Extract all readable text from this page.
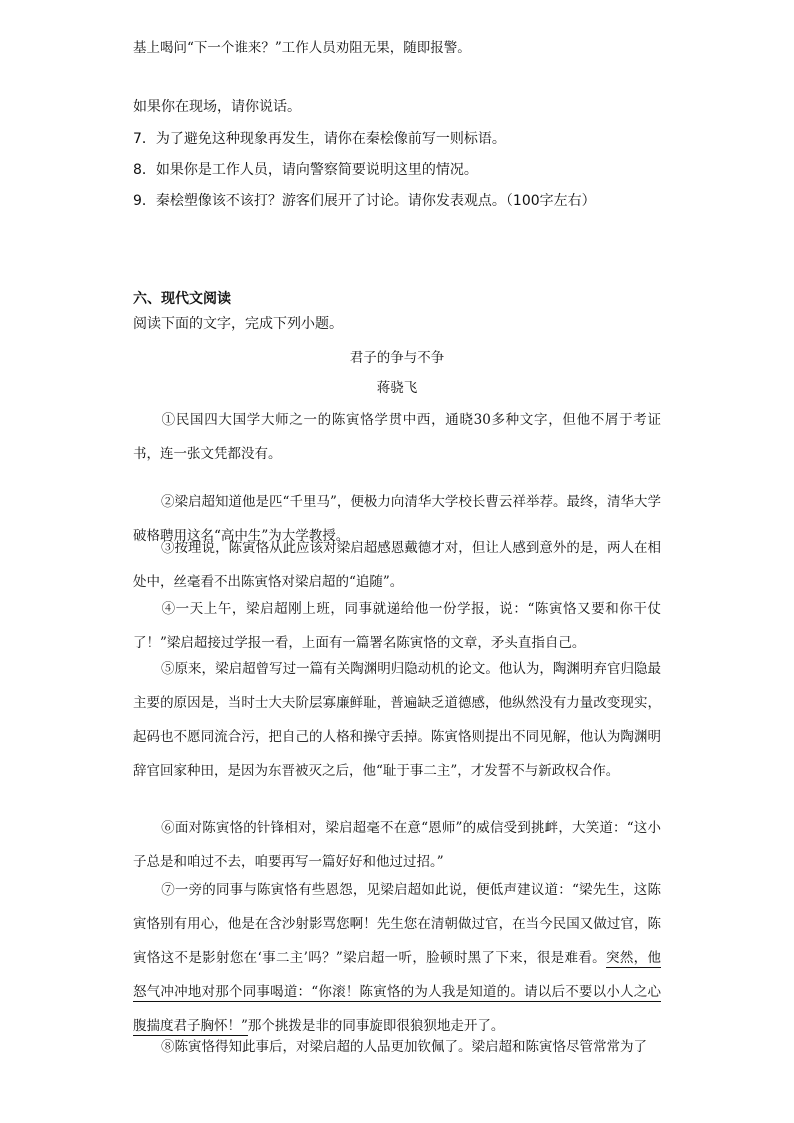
基上喝问“下一个谁来？”工作人员劝阻无果，随即报警。
如果你在现场，请你说话。
7．为了避免这种现象再发生，请你在秦桧像前写一则标语。
8．如果你是工作人员，请向警察简要说明这里的情况。
9．秦桧塑像该不该打？游客们展开了讨论。请你发表观点。（100字左右）
六、现代文阅读
阅读下面的文字，完成下列小题。
君子的争与不争
蒋骁飞
①民国四大国学大师之一的陈寅恪学贯中西，通晓30多种文字，但他不屑于考证书，连一张文凭都没有。
②梁启超知道他是匹“千里马”，便极力向清华大学校长曹云祥举荐。最终，清华大学破格聘用这名“高中生”为大学教授。
③按理说，陈寅恪从此应该对梁启超感恩戴德才对，但让人感到意外的是，两人在相处中，丝毫看不出陈寅恪对梁启超的“追随”。
④一天上午，梁启超刚上班，同事就递给他一份学报，说：“陈寅恪又要和你干仗了！”梁启超接过学报一看，上面有一篇署名陈寅恪的文章，矛头直指自己。
⑤原来，梁启超曾写过一篇有关陶渊明归隐动机的论文。他认为，陶渊明弃官归隐最主要的原因是，当时士大夫阶层寡廉鲜耻，普遍缺乏道德感，他纵然没有力量改变现实，起码也不愿同流合污，把自己的人格和操守丢掉。陈寅恪则提出不同见解，他认为陶渊明辞官回家种田，是因为东晋被灭之后，他“耻于事二主”，才发誓不与新政权合作。
⑥面对陈寅恪的针锋相对，梁启超毫不在意“恩师”的威信受到挑衅，大笑道：“这小子总是和咱过不去，咱要再写一篇好好和他过过招。”
⑦一旁的同事与陈寅恪有些恩怨，见梁启超如此说，便低声建议道：“梁先生，这陈寅恪别有用心，他是在含沙射影骂您啊！先生您在清朝做过官，在当今民国又做过官，陈寅恪这不是影射您在‘事二主’吗？”梁启超一听，脸顿时黑了下来，很是难看。突然，他怒气冲冲地对那个同事喝道：“你滚！陈寅恪的为人我是知道的。请以后不要以小人之心腹揣度君子胸怀！”那个挑拨是非的同事旋即很狼狈地走开了。
⑧陈寅恪得知此事后，对梁启超的人品更加钦佩了。梁启超和陈寅恪尽管常常为了
